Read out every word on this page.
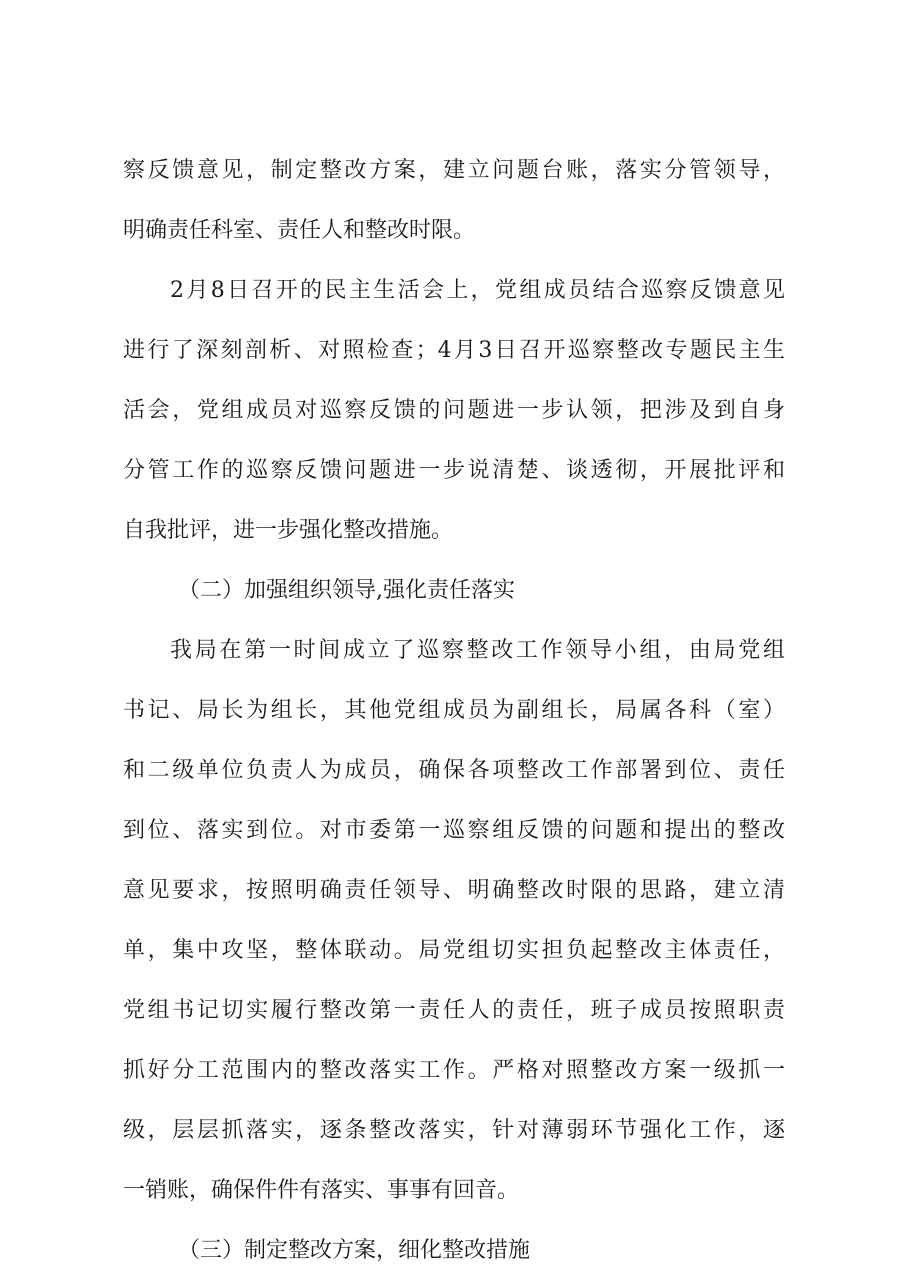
察反馈意见，制定整改方案，建立问题台账，落实分管领导，
明确责任科室、责任人和整改时限。
2月8日召开的民主生活会上，党组成员结合巡察反馈意见
进行了深刻剖析、对照检查；4月3日召开巡察整改专题民主生
活会，党组成员对巡察反馈的问题进一步认领，把涉及到自身
分管工作的巡察反馈问题进一步说清楚、谈透彻，开展批评和
自我批评，进一步强化整改措施。
（二）加强组织领导,强化责任落实
我局在第一时间成立了巡察整改工作领导小组，由局党组
书记、局长为组长，其他党组成员为副组长，局属各科（室）
和二级单位负责人为成员，确保各项整改工作部署到位、责任
到位、落实到位。对市委第一巡察组反馈的问题和提出的整改
意见要求，按照明确责任领导、明确整改时限的思路，建立清
单，集中攻坚，整体联动。局党组切实担负起整改主体责任，
党组书记切实履行整改第一责任人的责任，班子成员按照职责
抓好分工范围内的整改落实工作。严格对照整改方案一级抓一
级，层层抓落实，逐条整改落实，针对薄弱环节强化工作，逐
一销账，确保件件有落实、事事有回音。
（三）制定整改方案，细化整改措施
